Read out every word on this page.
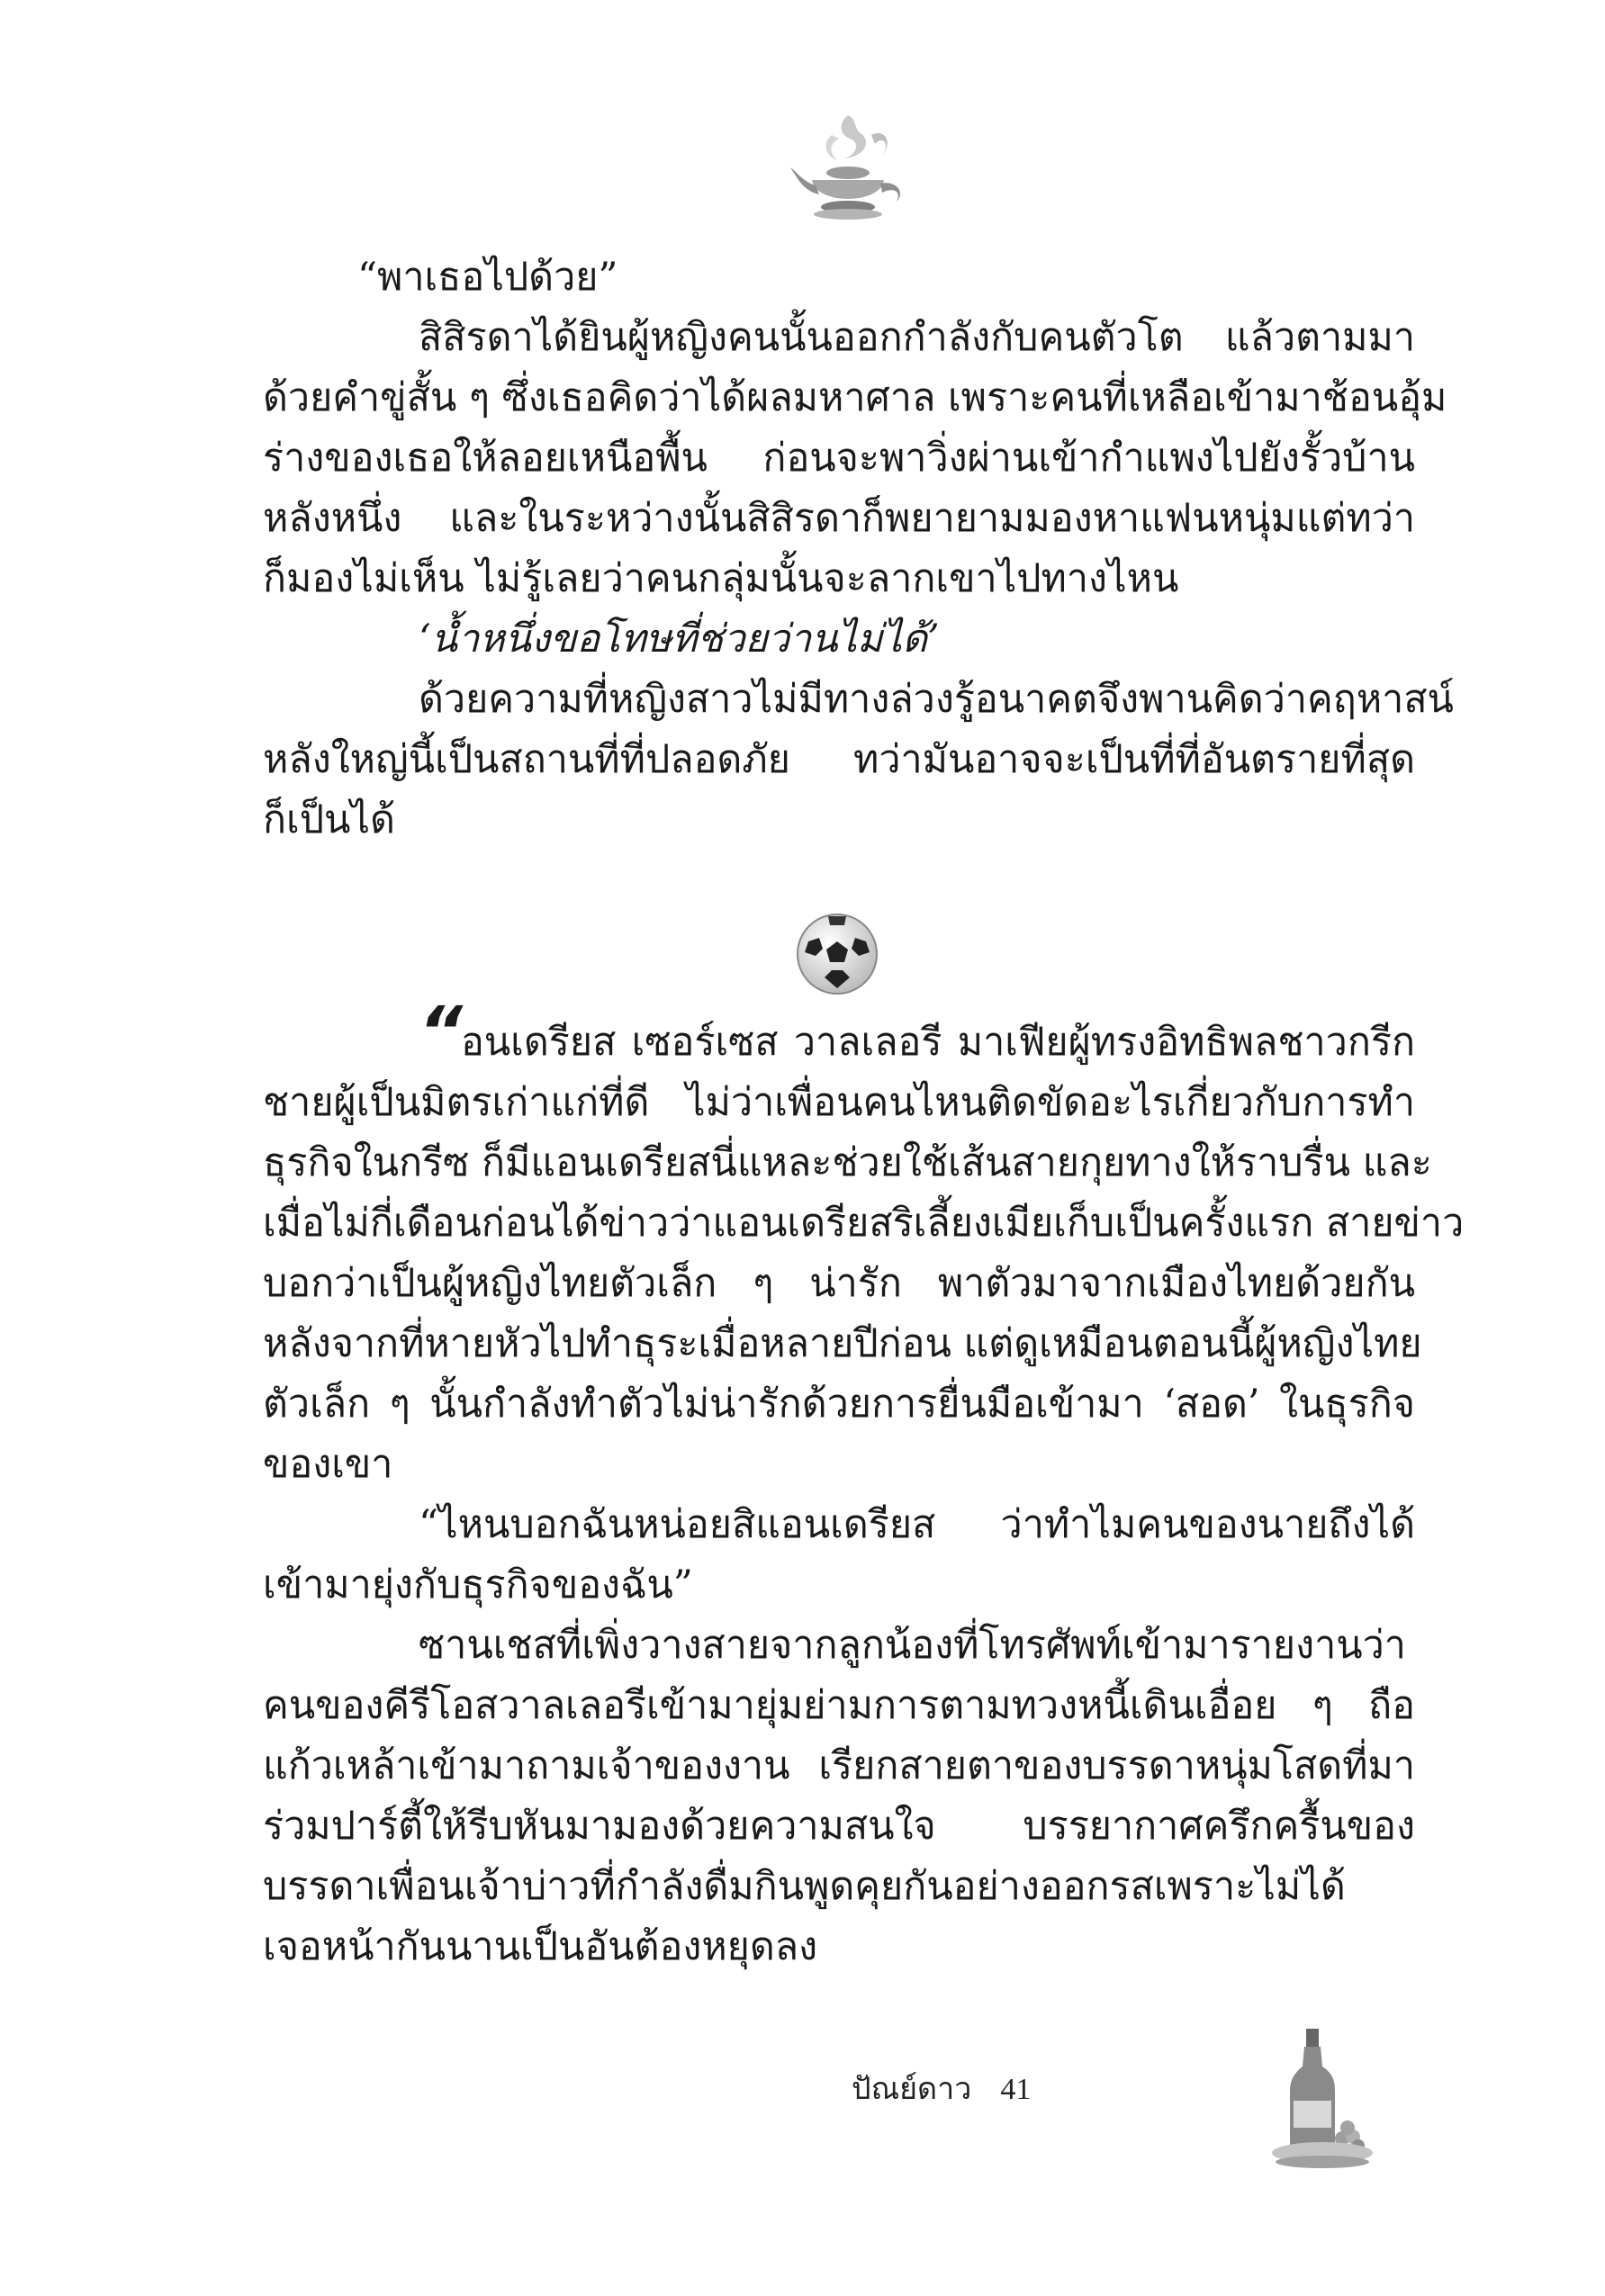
“พาเธอไปด้วย”
สิสิรดาได้ยินผู้หญิงคนนั้นออกกำลังกับคนตัวโต แล้วตามมา
ด้วยคำขู่สั้น ๆ ซึ่งเธอคิดว่าได้ผลมหาศาล เพราะคนที่เหลือเข้ามาช้อนอุ้ม
ร่างของเธอให้ลอยเหนือพื้น ก่อนจะพาวิ่งผ่านเข้ากำแพงไปยังรั้วบ้าน
หลังหนึ่ง และในระหว่างนั้นสิสิรดาก็พยายามมองหาแฟนหนุ่มแต่ทว่า
ก็มองไม่เห็น ไม่รู้เลยว่าคนกลุ่มนั้นจะลากเขาไปทางไหน
‘น้ำหนึ่งขอโทษที่ช่วยว่านไม่ได้’
ด้วยความที่หญิงสาวไม่มีทางล่วงรู้อนาคตจึงพานคิดว่าคฤหาสน์
หลังใหญ่นี้เป็นสถานที่ที่ปลอดภัย ทว่ามันอาจจะเป็นที่ที่อันตรายที่สุด
ก็เป็นได้
“อนเดรียส เซอร์เซส วาลเลอรี มาเฟียผู้ทรงอิทธิพลชาวกรีก
ชายผู้เป็นมิตรเก่าแก่ที่ดี ไม่ว่าเพื่อนคนไหนติดขัดอะไรเกี่ยวกับการทำ
ธุรกิจในกรีซ ก็มีแอนเดรียสนี่แหละช่วยใช้เส้นสายกุยทางให้ราบรื่น และ
เมื่อไม่กี่เดือนก่อนได้ข่าวว่าแอนเดรียสริเลี้ยงเมียเก็บเป็นครั้งแรก สายข่าว
บอกว่าเป็นผู้หญิงไทยตัวเล็ก ๆ น่ารัก พาตัวมาจากเมืองไทยด้วยกัน
หลังจากที่หายหัวไปทำธุระเมื่อหลายปีก่อน แต่ดูเหมือนตอนนี้ผู้หญิงไทย
ตัวเล็ก ๆ นั้นกำลังทำตัวไม่น่ารักด้วยการยื่นมือเข้ามา ‘สอด’ ในธุรกิจ
ของเขา
“ไหนบอกฉันหน่อยสิแอนเดรียส ว่าทำไมคนของนายถึงได้
เข้ามายุ่งกับธุรกิจของฉัน”
ซานเชสที่เพิ่งวางสายจากลูกน้องที่โทรศัพท์เข้ามารายงานว่า
คนของคีรีโอสวาลเลอรีเข้ามายุ่มย่ามการตามทวงหนี้เดินเอื่อย ๆ ถือ
แก้วเหล้าเข้ามาถามเจ้าของงาน เรียกสายตาของบรรดาหนุ่มโสดที่มา
ร่วมปาร์ตี้ให้รีบหันมามองด้วยความสนใจ บรรยากาศครึกครื้นของ
บรรดาเพื่อนเจ้าบ่าวที่กำลังดื่มกินพูดคุยกันอย่างออกรสเพราะไม่ได้
เจอหน้ากันนานเป็นอันต้องหยุดลง
ปัณย์ดาว 41
